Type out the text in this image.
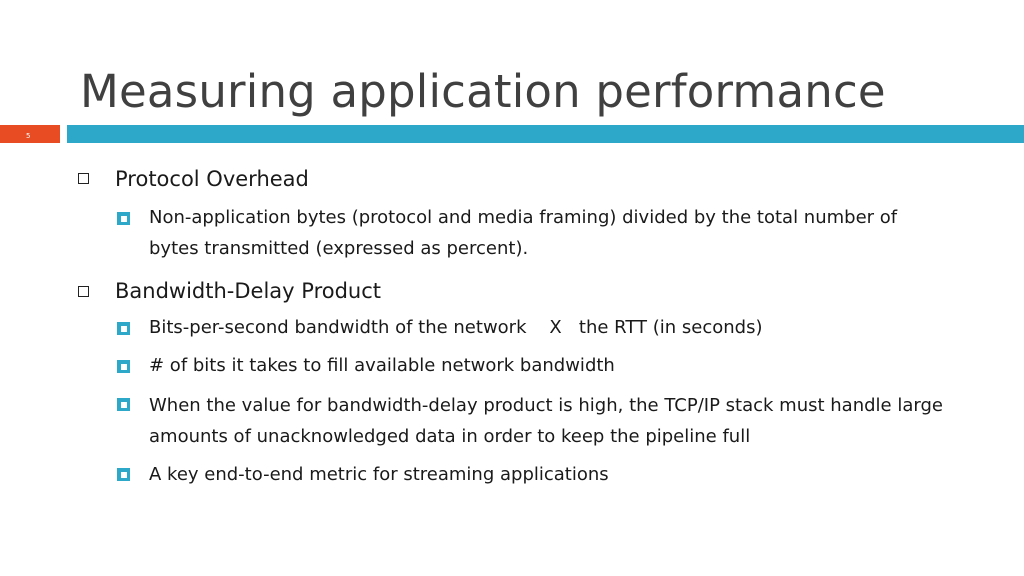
Measuring application performance
5
Protocol Overhead
Non-application bytes (protocol and media framing) divided by the total number of bytes transmitted (expressed as percent).
Bandwidth-Delay Product
Bits-per-second bandwidth of the network    X   the RTT (in seconds)
# of bits it takes to fill available network bandwidth
When the value for bandwidth-delay product is high, the TCP/IP stack must handle large amounts of unacknowledged data in order to keep the pipeline full
A key end-to-end metric for streaming applications
